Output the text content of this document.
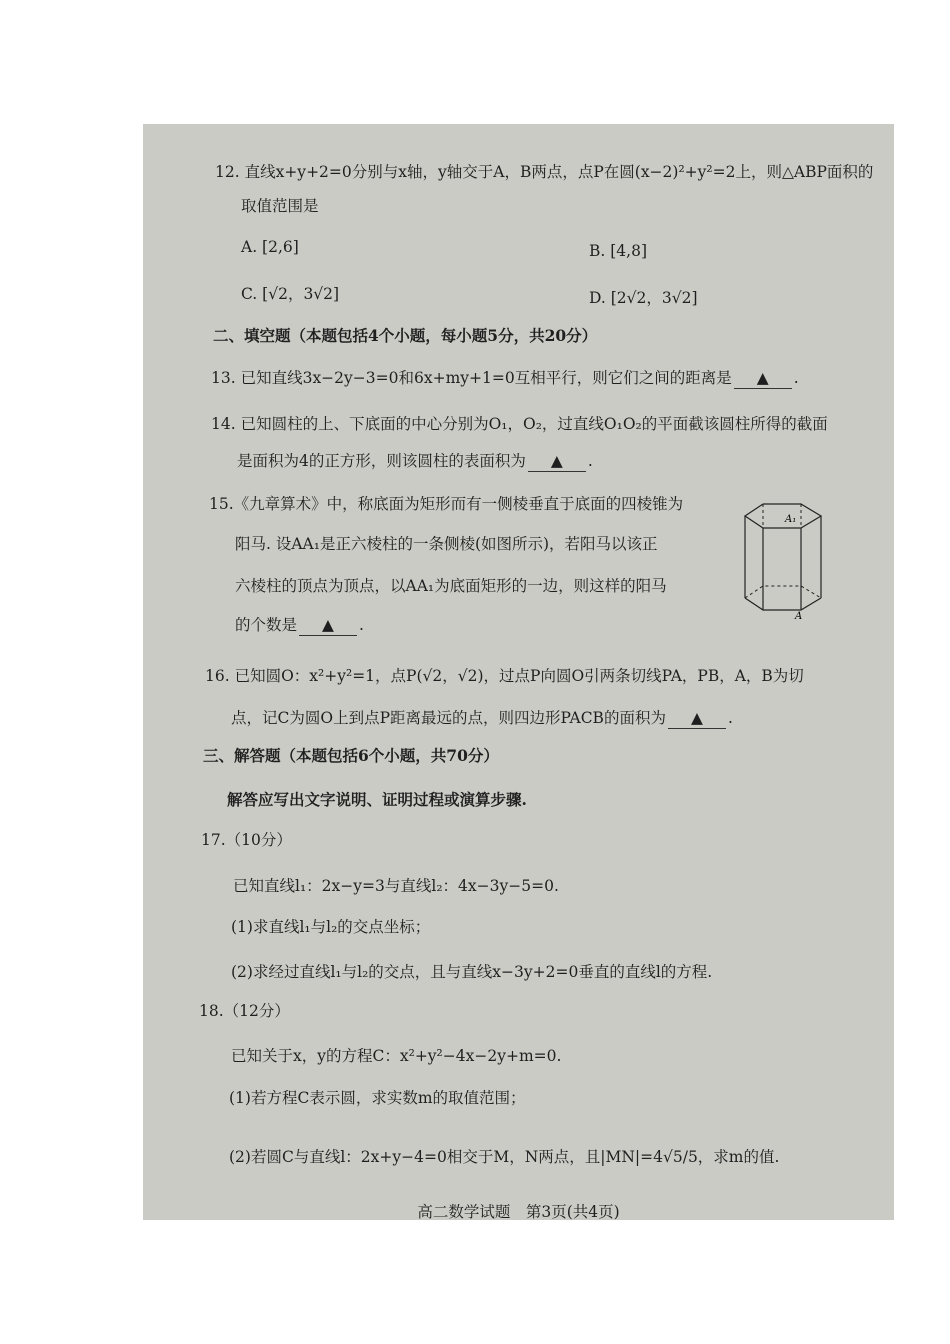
12. 直线x+y+2=0分别与x轴，y轴交于A，B两点，点P在圆(x−2)²+y²=2上，则△ABP面积的
取值范围是
A. [2,6]	B. [4,8]
C. [√2，3√2]	D. [2√2，3√2]
二、填空题（本题包括4个小题，每小题5分，共20分）
13. 已知直线3x−2y−3=0和6x+my+1=0互相平行，则它们之间的距离是 ▲ .
14. 已知圆柱的上、下底面的中心分别为O₁，O₂，过直线O₁O₂的平面截该圆柱所得的截面
是面积为4的正方形，则该圆柱的表面积为 ▲ .
15.《九章算术》中，称底面为矩形而有一侧棱垂直于底面的四棱锥为
阳马. 设AA₁是正六棱柱的一条侧棱(如图所示)，若阳马以该正
六棱柱的顶点为顶点，以AA₁为底面矩形的一边，则这样的阳马
的个数是 ▲ .
A₁
A
16. 已知圆O：x²+y²=1，点P(√2，√2)，过点P向圆O引两条切线PA，PB，A，B为切
点，记C为圆O上到点P距离最远的点，则四边形PACB的面积为 ▲ .
三、解答题（本题包括6个小题，共70分）
解答应写出文字说明、证明过程或演算步骤.
17.（10分）
已知直线l₁：2x−y=3与直线l₂：4x−3y−5=0.
(1)求直线l₁与l₂的交点坐标；
(2)求经过直线l₁与l₂的交点，且与直线x−3y+2=0垂直的直线l的方程.
18.（12分）
已知关于x，y的方程C：x²+y²−4x−2y+m=0.
(1)若方程C表示圆，求实数m的取值范围；
(2)若圆C与直线l：2x+y−4=0相交于M，N两点，且|MN|=4√5/5，求m的值.
高二数学试题　第3页(共4页)
